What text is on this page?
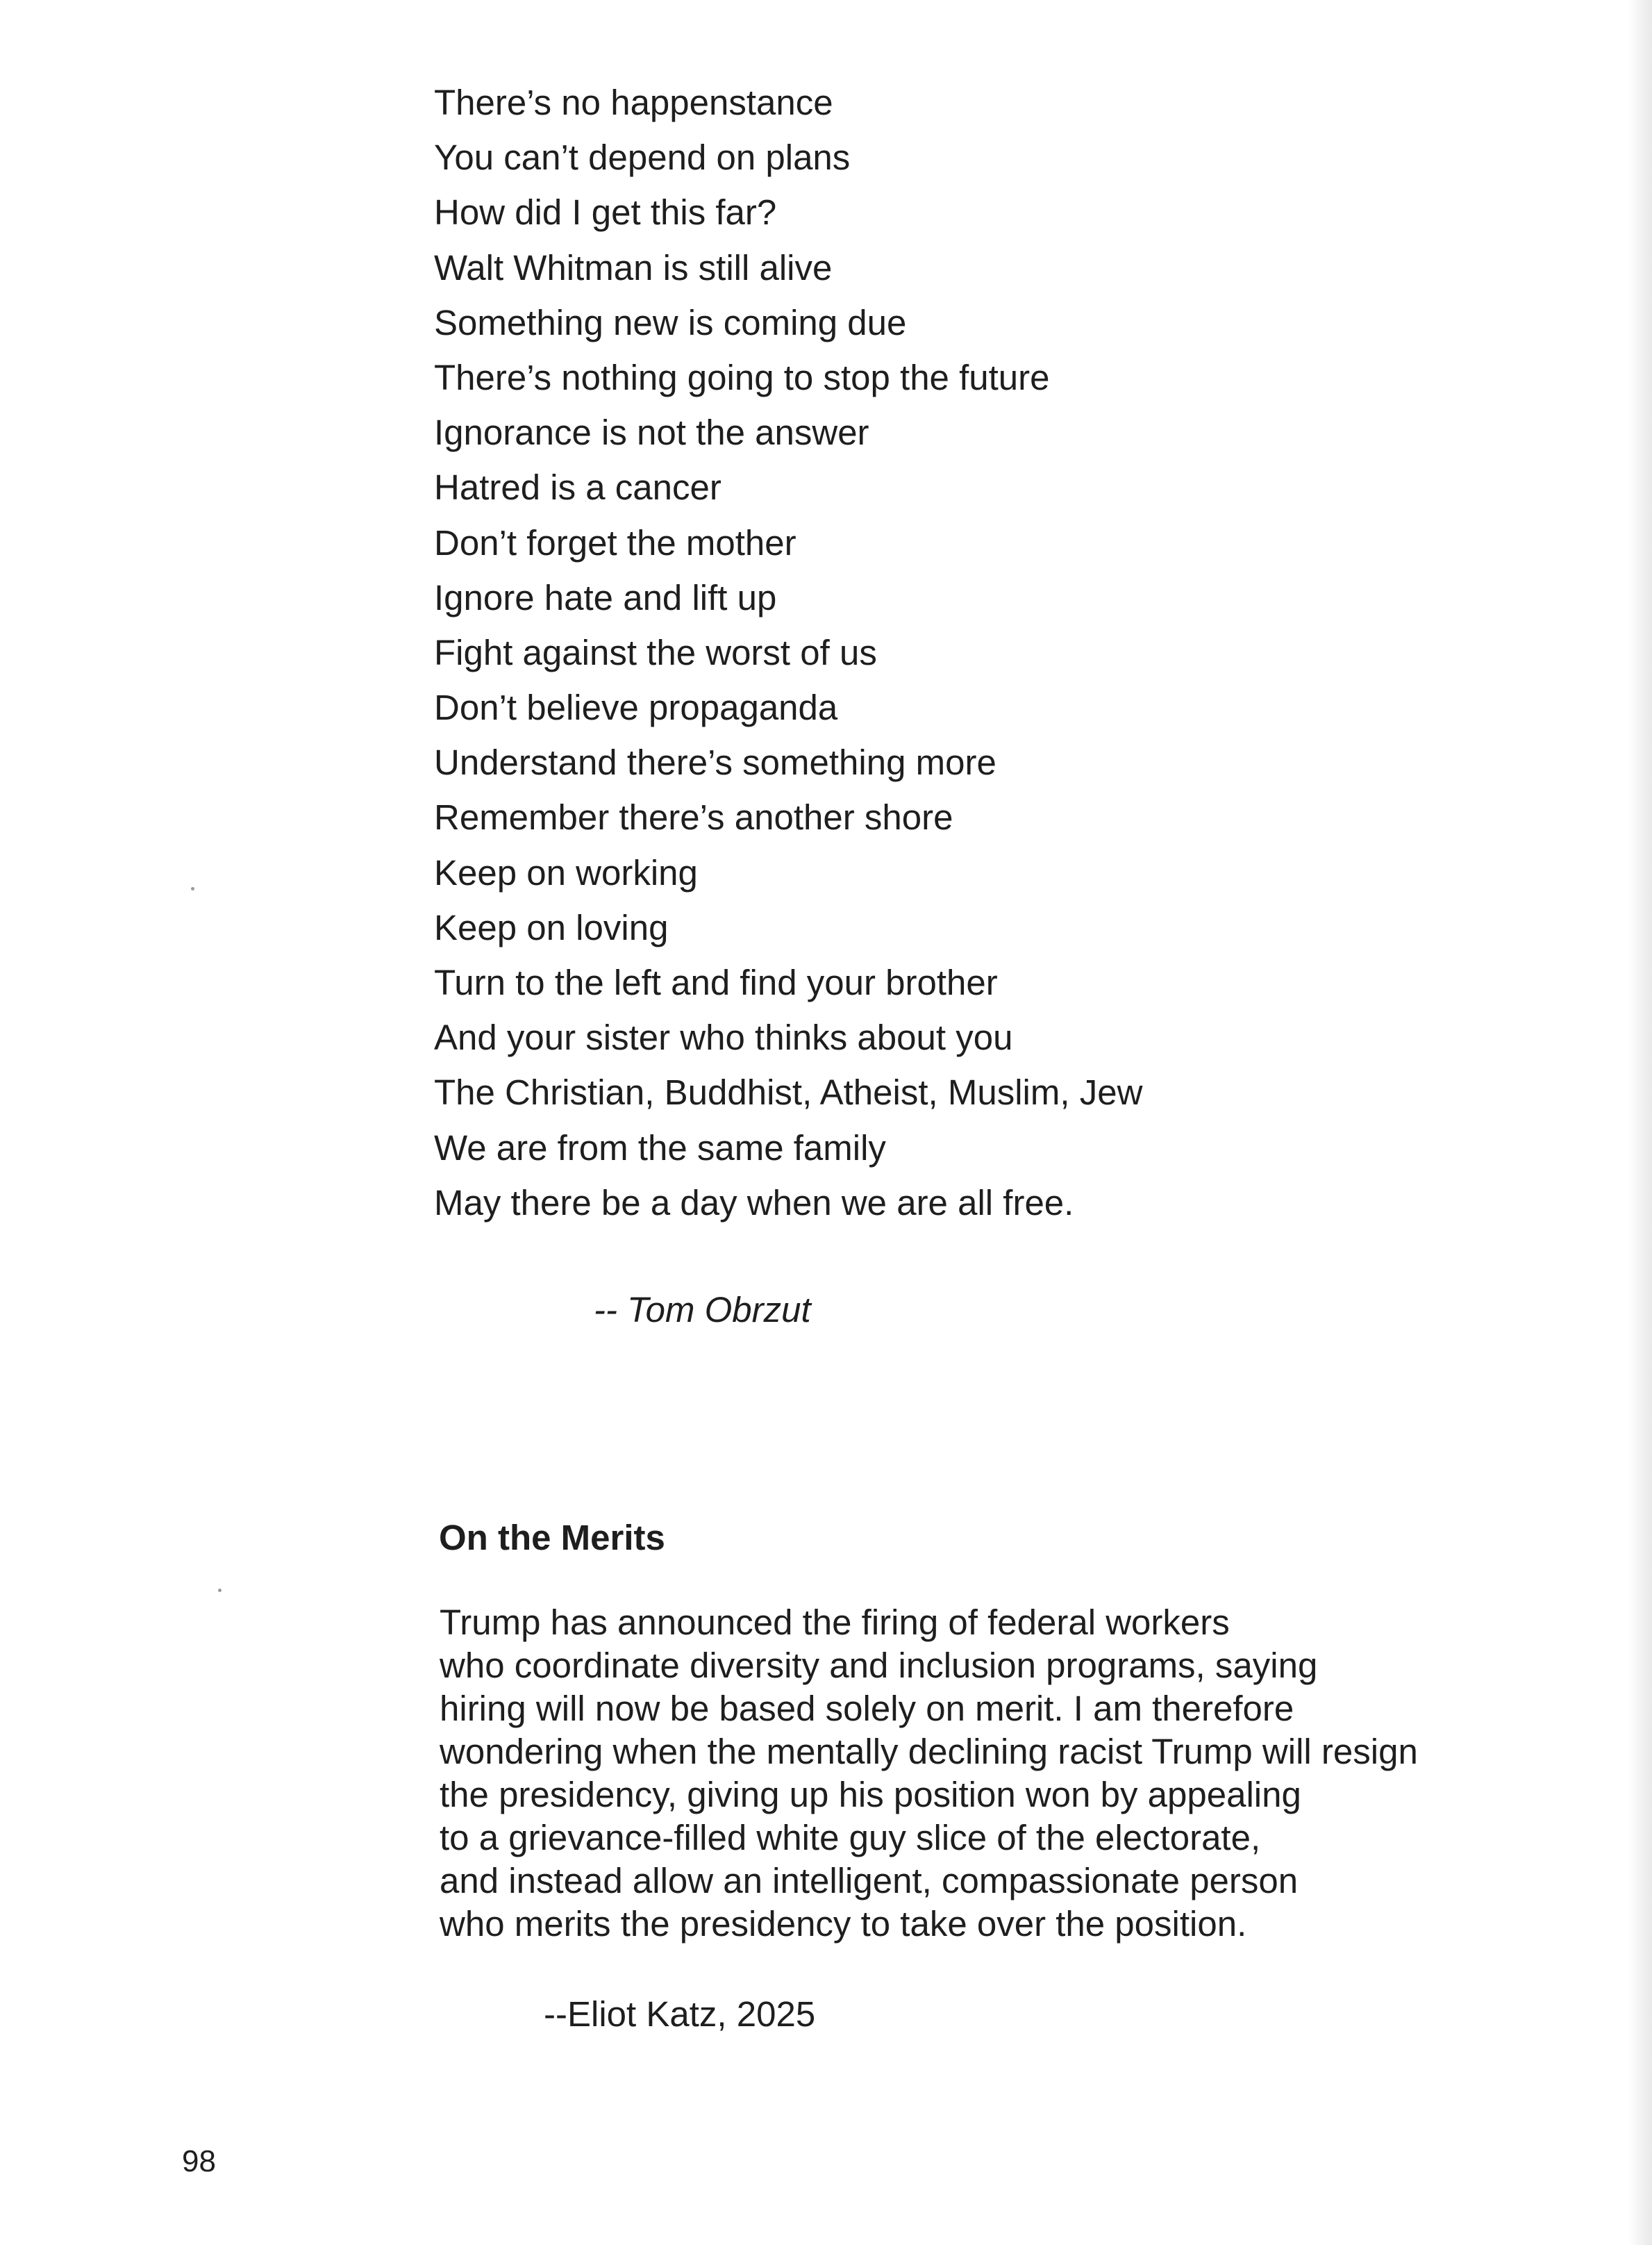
There’s no happenstance
You can’t depend on plans
How did I get this far?
Walt Whitman is still alive
Something new is coming due
There’s nothing going to stop the future
Ignorance is not the answer
Hatred is a cancer
Don’t forget the mother
Ignore hate and lift up
Fight against the worst of us
Don’t believe propaganda
Understand there’s something more
Remember there’s another shore
Keep on working
Keep on loving
Turn to the left and find your brother
And your sister who thinks about you
The Christian, Buddhist, Atheist, Muslim, Jew
We are from the same family
May there be a day when we are all free.
-- Tom Obrzut
On the Merits
Trump has announced the firing of federal workers
who coordinate diversity and inclusion programs, saying
hiring will now be based solely on merit. I am therefore
wondering when the mentally declining racist Trump will resign
the presidency, giving up his position won by appealing
to a grievance-filled white guy slice of the electorate,
and instead allow an intelligent, compassionate person
who merits the presidency to take over the position.
--Eliot Katz, 2025
98
